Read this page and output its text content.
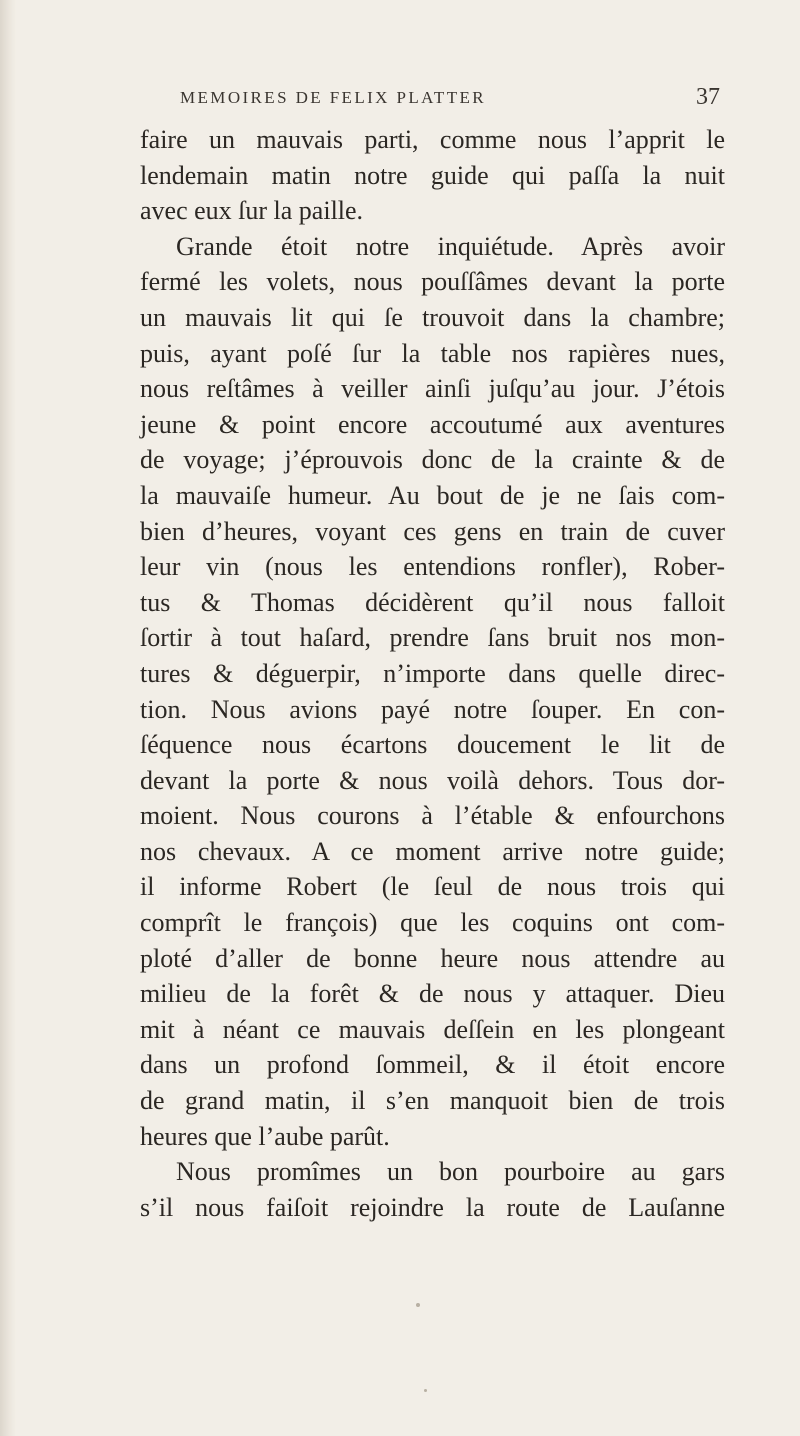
MEMOIRES DE FELIX PLATTER	37
faire un mauvais parti, comme nous l’apprit le
lendemain matin notre guide qui paſſa la nuit
avec eux ſur la paille.
Grande étoit notre inquiétude. Après avoir
fermé les volets, nous pouſſâmes devant la porte
un mauvais lit qui ſe trouvoit dans la chambre;
puis, ayant poſé ſur la table nos rapières nues,
nous reſtâmes à veiller ainſi juſqu’au jour. J’étois
jeune & point encore accoutumé aux aventures
de voyage; j’éprouvois donc de la crainte & de
la mauvaiſe humeur. Au bout de je ne ſais com-
bien d’heures, voyant ces gens en train de cuver
leur vin (nous les entendions ronfler), Rober-
tus & Thomas décidèrent qu’il nous falloit
ſortir à tout haſard, prendre ſans bruit nos mon-
tures & déguerpir, n’importe dans quelle direc-
tion. Nous avions payé notre ſouper. En con-
ſéquence nous écartons doucement le lit de
devant la porte & nous voilà dehors. Tous dor-
moient. Nous courons à l’étable & enfourchons
nos chevaux. A ce moment arrive notre guide;
il informe Robert (le ſeul de nous trois qui
comprît le françois) que les coquins ont com-
ploté d’aller de bonne heure nous attendre au
milieu de la forêt & de nous y attaquer. Dieu
mit à néant ce mauvais deſſein en les plongeant
dans un profond ſommeil, & il étoit encore
de grand matin, il s’en manquoit bien de trois
heures que l’aube parût.
Nous promîmes un bon pourboire au gars
s’il nous faiſoit rejoindre la route de Lauſanne
